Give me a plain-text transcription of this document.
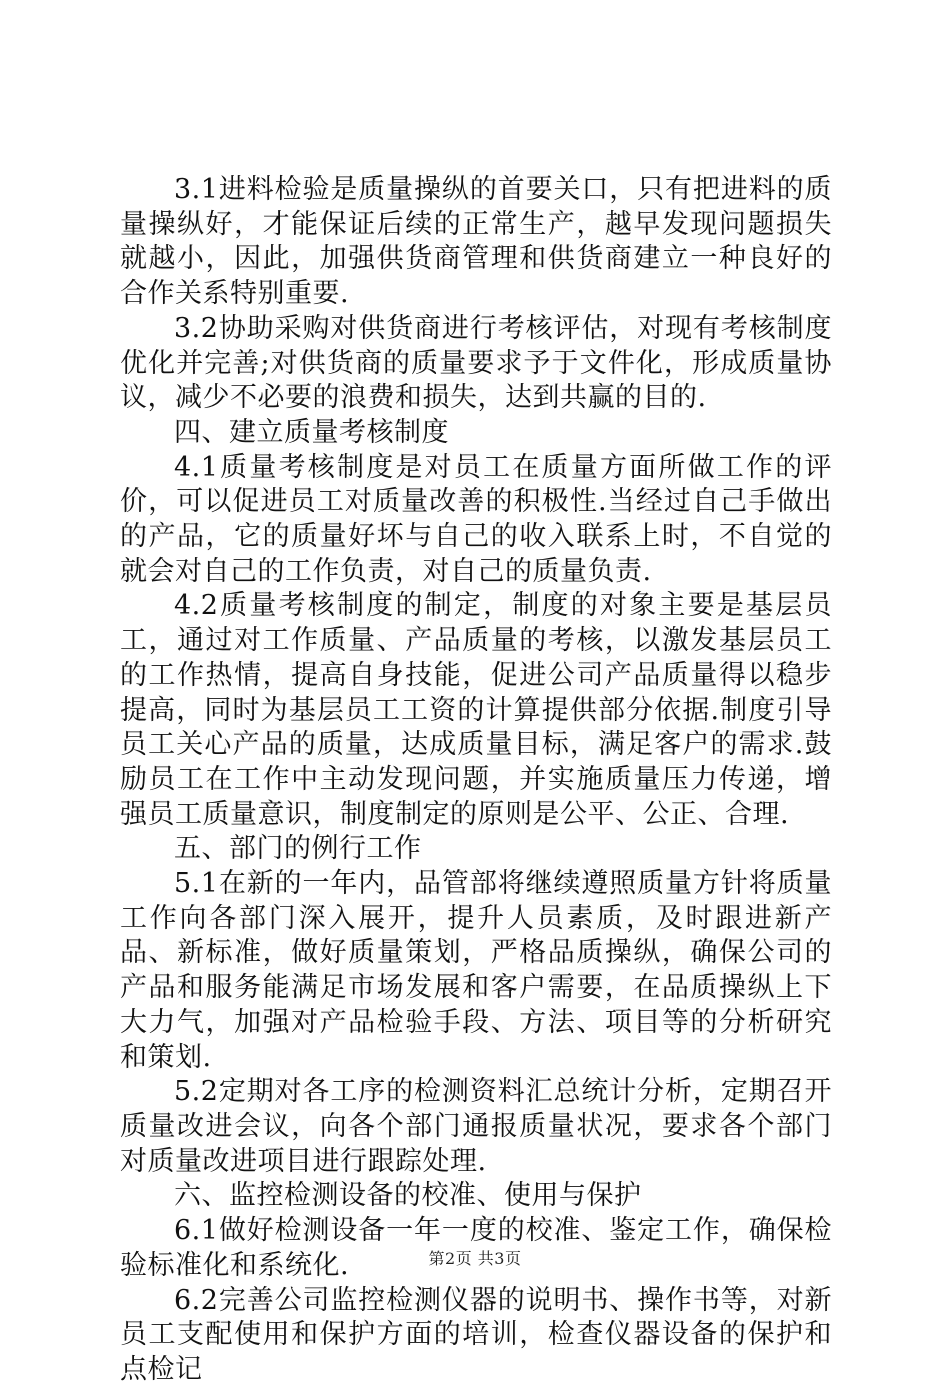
3.1进料检验是质量操纵的首要关口，只有把进料的质量操纵好，才能保证后续的正常生产，越早发现问题损失就越小，因此，加强供货商管理和供货商建立一种良好的合作关系特别重要.

3.2协助采购对供货商进行考核评估，对现有考核制度优化并完善;对供货商的质量要求予于文件化，形成质量协议，减少不必要的浪费和损失，达到共赢的目的.

四、建立质量考核制度

4.1质量考核制度是对员工在质量方面所做工作的评价，可以促进员工对质量改善的积极性.当经过自己手做出的产品，它的质量好坏与自己的收入联系上时，不自觉的就会对自己的工作负责，对自己的质量负责.

4.2质量考核制度的制定，制度的对象主要是基层员工，通过对工作质量、产品质量的考核，以激发基层员工的工作热情，提高自身技能，促进公司产品质量得以稳步提高，同时为基层员工工资的计算提供部分依据.制度引导员工关心产品的质量，达成质量目标，满足客户的需求.鼓励员工在工作中主动发现问题，并实施质量压力传递，增强员工质量意识，制度制定的原则是公平、公正、合理.

五、部门的例行工作

5.1在新的一年内，品管部将继续遵照质量方针将质量工作向各部门深入展开，提升人员素质，及时跟进新产品、新标准，做好质量策划，严格品质操纵，确保公司的产品和服务能满足市场发展和客户需要，在品质操纵上下大力气，加强对产品检验手段、方法、项目等的分析研究和策划.

5.2定期对各工序的检测资料汇总统计分析，定期召开质量改进会议，向各个部门通报质量状况，要求各个部门对质量改进项目进行跟踪处理.

六、监控检测设备的校准、使用与保护

6.1做好检测设备一年一度的校准、鉴定工作，确保检验标准化和系统化.

6.2完善公司监控检测仪器的说明书、操作书等，对新员工支配使用和保护方面的培训，检查仪器设备的保护和点检记

第2页 共3页
